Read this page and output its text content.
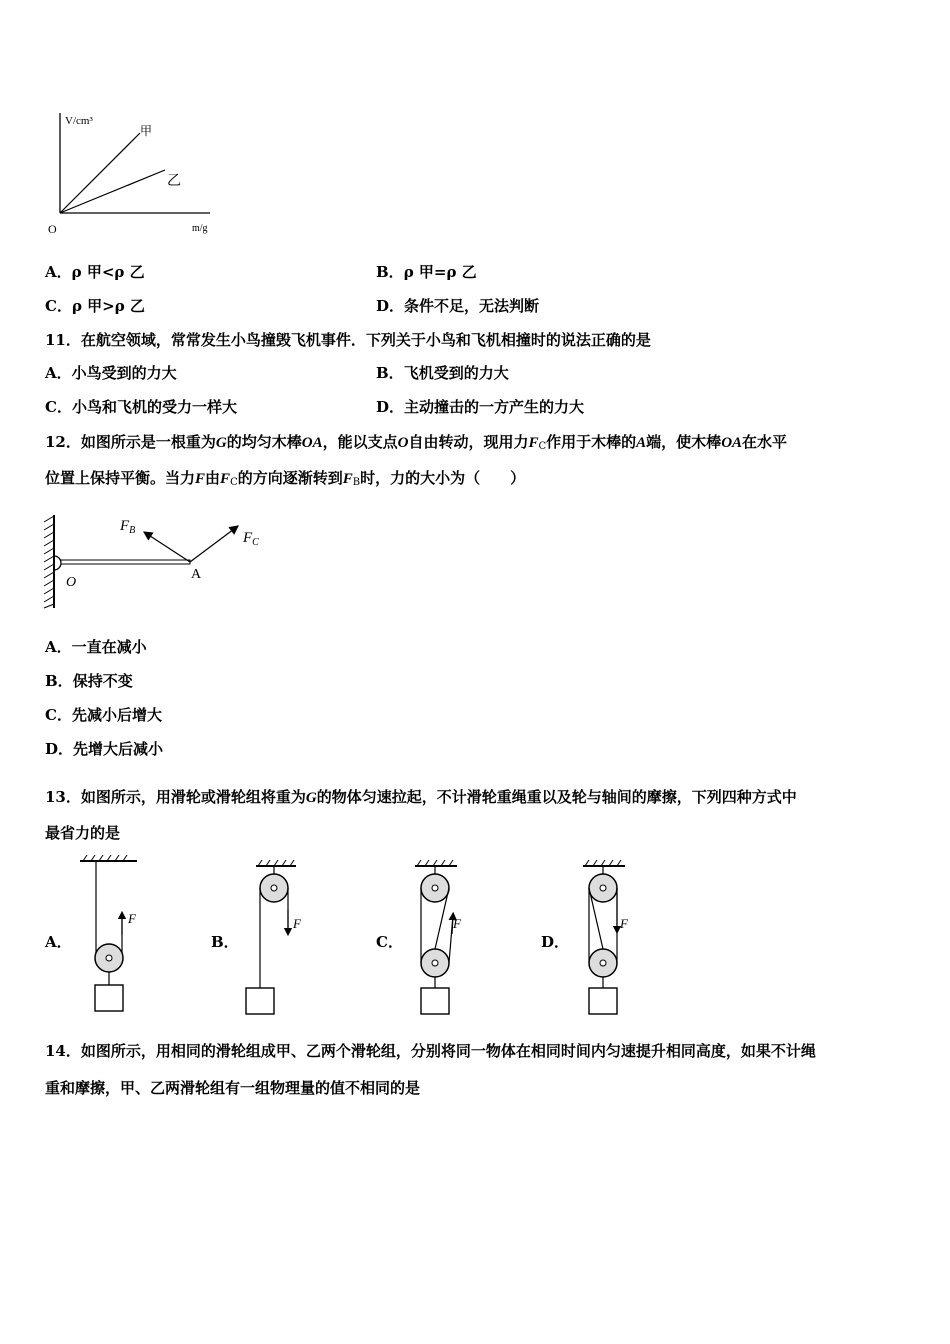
V/cm³
m/g
O
甲
乙
A．ρ 甲<ρ 乙	B．ρ 甲=ρ 乙
C．ρ 甲>ρ 乙	D．条件不足，无法判断
11．在航空领域，常常发生小鸟撞毁飞机事件．下列关于小鸟和飞机相撞时的说法正确的是
A．小鸟受到的力大	B．飞机受到的力大
C．小鸟和飞机的受力一样大	D．主动撞击的一方产生的力大
12．如图所示是一根重为G的均匀木棒OA，能以支点O自由转动，现用力$F_C$作用于木棒的A端，使木棒OA在水平
位置上保持平衡。当力F由$F_C$的方向逐渐转到$F_B$时，力的大小为（　　）
$F_B$	$F_C$
A
O
A．一直在减小
B．保持不变
C．先减小后增大
D．先增大后减小
13．如图所示，用滑轮或滑轮组将重为G的物体匀速拉起，不计滑轮重绳重以及轮与轴间的摩擦，下列四种方式中
最省力的是
A．	B．	C．	D．
F	F	F	F
14．如图所示，用相同的滑轮组成甲、乙两个滑轮组，分别将同一物体在相同时间内匀速提升相同高度，如果不计绳
重和摩擦，甲、乙两滑轮组有一组物理量的值不相同的是
